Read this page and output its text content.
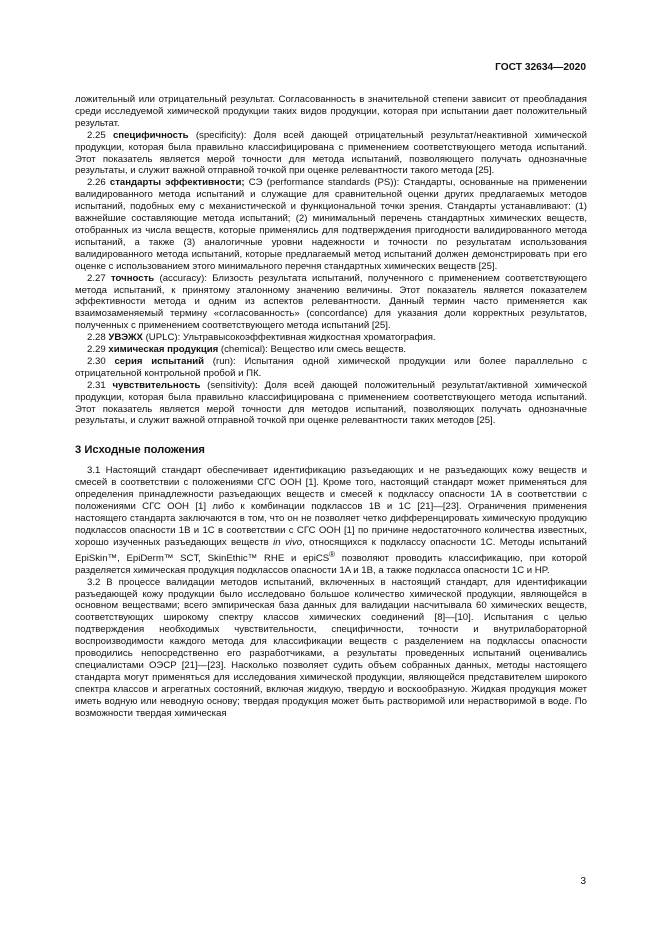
ГОСТ 32634—2020

ложительный или отрицательный результат. Согласованность в значительной степени зависит от преобладания среди исследуемой химической продукции таких видов продукции, которая при испытании дает положительный результат.

2.25 специфичность (specificity): Доля всей дающей отрицательный результат/неактивной химической продукции, которая была правильно классифицирована с применением соответствующего метода испытаний. Этот показатель является мерой точности для метода испытаний, позволяющего получать однозначные результаты, и служит важной отправной точкой при оценке релевантности такого метода [25].

2.26 стандарты эффективности; СЭ (performance standards (PS)): Стандарты, основанные на применении валидированного метода испытаний и служащие для сравнительной оценки других предлагаемых методов испытаний, подобных ему с механистической и функциональной точки зрения. Стандарты устанавливают: (1) важнейшие составляющие метода испытаний; (2) минимальный перечень стандартных химических веществ, отобранных из числа веществ, которые применялись для подтверждения пригодности валидированного метода испытаний, а также (3) аналогичные уровни надежности и точности по результатам использования валидированного метода испытаний, которые предлагаемый метод испытаний должен демонстрировать при его оценке с использованием этого минимального перечня стандартных химических веществ [25].

2.27 точность (accuracy): Близость результата испытаний, полученного с применением соответствующего метода испытаний, к принятому эталонному значению величины. Этот показатель является показателем эффективности метода и одним из аспектов релевантности. Данный термин часто применяется как взаимозаменяемый термину «согласованность» (concordance) для указания доли корректных результатов, полученных с применением соответствующего метода испытаний [25].

2.28 УВЭЖХ (UPLC): Ультравысокоэффективная жидкостная хроматография.

2.29 химическая продукция (chemical): Вещество или смесь веществ.

2.30 серия испытаний (run): Испытания одной химической продукции или более параллельно с отрицательной контрольной пробой и ПК.

2.31 чувствительность (sensitivity): Доля всей дающей положительный результат/активной химической продукции, которая была правильно классифицирована с применением соответствующего метода испытаний. Этот показатель является мерой точности для методов испытаний, позволяющих получать однозначные результаты, и служит важной отправной точкой при оценке релевантности таких методов [25].

3 Исходные положения

3.1 Настоящий стандарт обеспечивает идентификацию разъедающих и не разъедающих кожу веществ и смесей в соответствии с положениями СГС ООН [1]. Кроме того, настоящий стандарт может применяться для определения принадлежности разъедающих веществ и смесей к подклассу опасности 1A в соответствии с положениями СГС ООН [1] либо к комбинации подклассов 1B и 1C [21]—[23]. Ограничения применения настоящего стандарта заключаются в том, что он не позволяет четко дифференцировать химическую продукцию подклассов опасности 1B и 1C в соответствии с СГС ООН [1] по причине недостаточного количества известных, хорошо изученных разъедающих веществ in vivo, относящихся к подклассу опасности 1C. Методы испытаний EpiSkin™, EpiDerm™ SCT, SkinEthic™ RHE и epiCS® позволяют проводить классификацию, при которой разделяется химическая продукция подклассов опасности 1A и 1B, а также подкласса опасности 1C и HP.

3.2 В процессе валидации методов испытаний, включенных в настоящий стандарт, для идентификации разъедающей кожу продукции было исследовано большое количество химической продукции, являющейся в основном веществами; всего эмпирическая база данных для валидации насчитывала 60 химических веществ, соответствующих широкому спектру классов химических соединений [8]—[10]. Испытания с целью подтверждения необходимых чувствительности, специфичности, точности и внутрилабораторной воспроизводимости каждого метода для классификации веществ с разделением на подклассы опасности проводились непосредственно его разработчиками, а результаты проведенных испытаний оценивались специалистами ОЭСР [21]—[23]. Насколько позволяет судить объем собранных данных, методы настоящего стандарта могут применяться для исследования химической продукции, являющейся представителем широкого спектра классов и агрегатных состояний, включая жидкую, твердую и воскообразную. Жидкая продукция может иметь водную или неводную основу; твердая продукция может быть растворимой или нерастворимой в воде. По возможности твердая химическая

3
